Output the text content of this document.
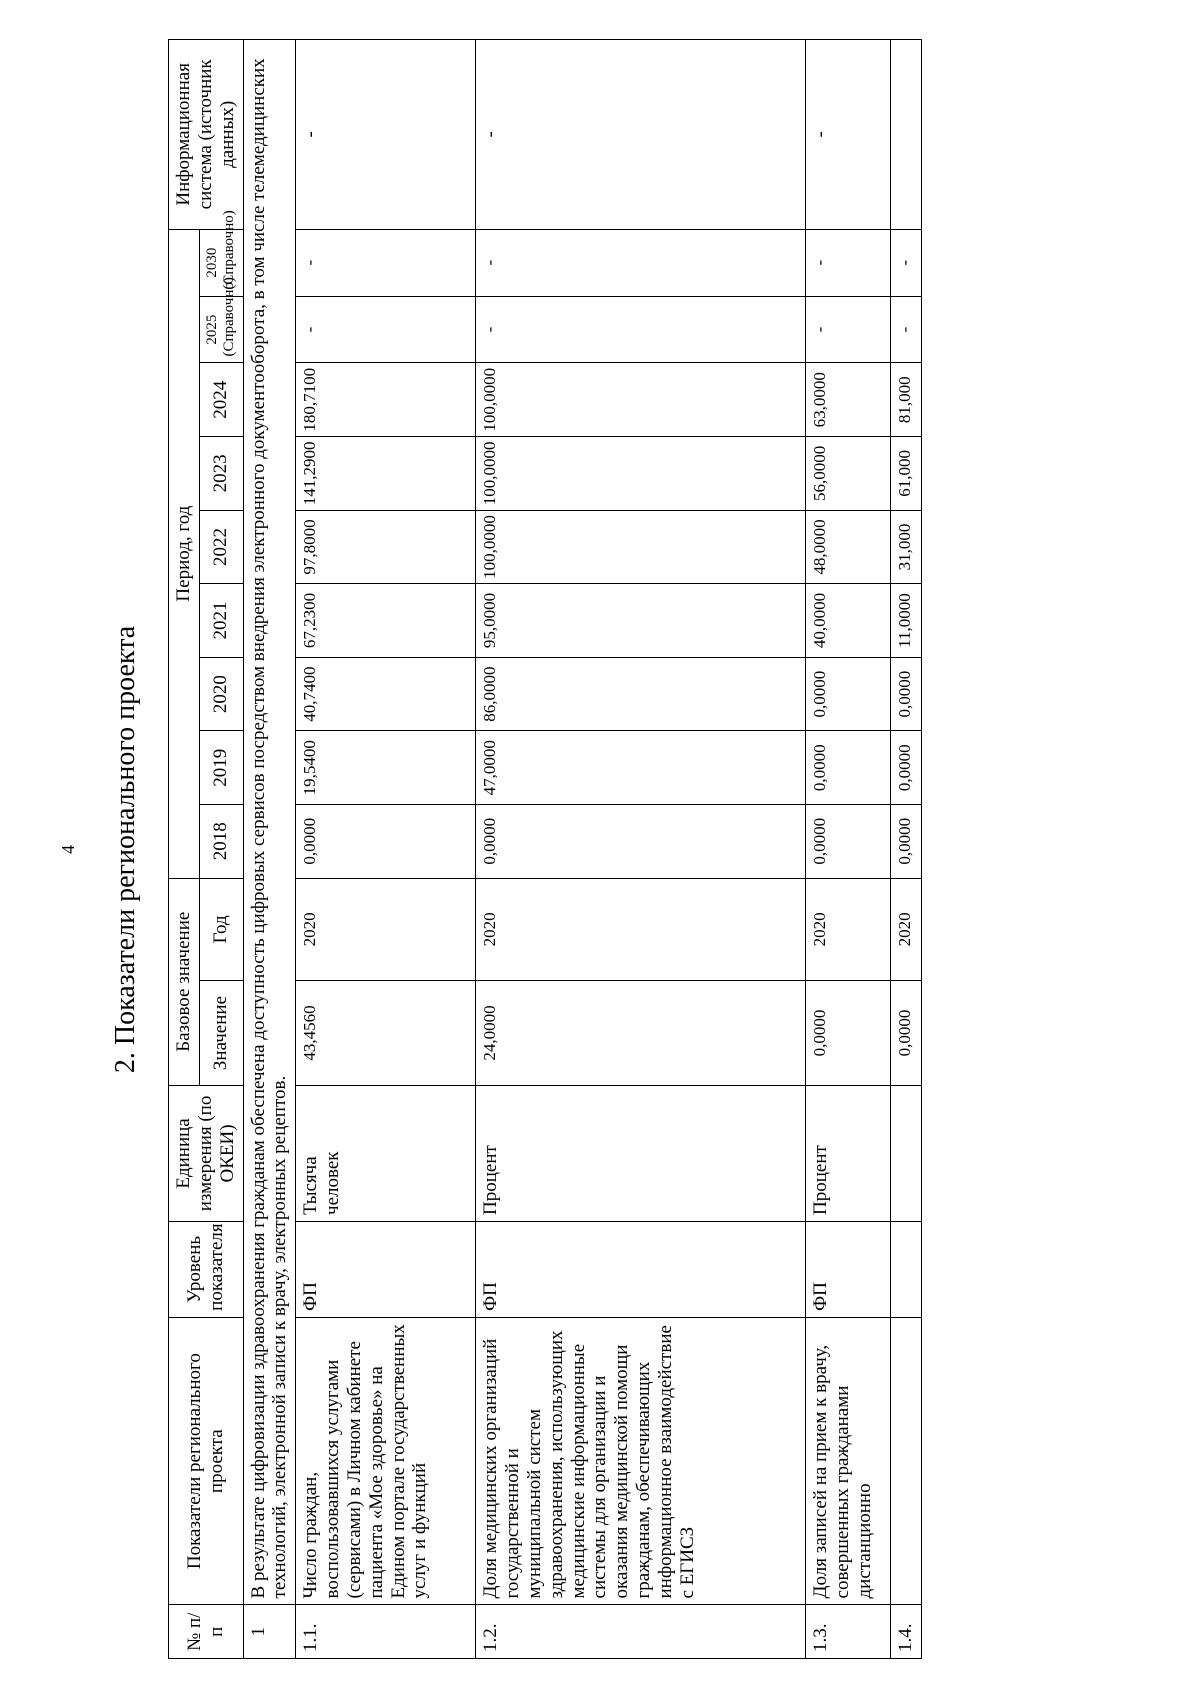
4 2. Показатели регионального проекта
№ п/п	Показатели регионального проекта	Уровень показателя	Единица измерения (по ОКЕИ)	Базовое значение		Период, год									Информационная система (источник данных)
				Значение	Год	2018	2019	2020	2021	2022	2023	2024	2025 (Справочно)	2030 (Справочно)	
1	В результате цифровизации здравоохранения гражданам обеспечена доступность цифровых сервисов посредством внедрения электронного документооборота, в том числе телемедицинских технологий, электронной записи к врачу, электронных рецептов.														
1.1.	Число граждан, воспользовавшихся услугами (сервисами) в Личном кабинете пациента «Мое здоровье» на Едином портале государственных услуг и функций	ФП	Тысяча человек	43,4560	2020	0,0000	19,5400	40,7400	67,2300	97,8000	141,2900	180,7100	-	-	-
1.2.	Доля медицинских организаций государственной и муниципальной систем здравоохранения, использующих медицинские информационные системы для организации и оказания медицинской помощи гражданам, обеспечивающих информационное взаимодействие с ЕГИСЗ	ФП	Процент	24,0000	2020	0,0000	47,0000	86,0000	95,0000	100,0000	100,0000	100,0000	-	-	-
1.3.	Доля записей на прием к врачу, совершенных гражданами дистанционно	ФП	Процент	0,0000	2020	0,0000	0,0000	0,0000	40,0000	48,0000	56,0000	63,0000	-	-	-
1.4.				0,0000	2020	0,0000	0,0000	0,0000	11,0000	31,000	61,000	81,000	-	-	
